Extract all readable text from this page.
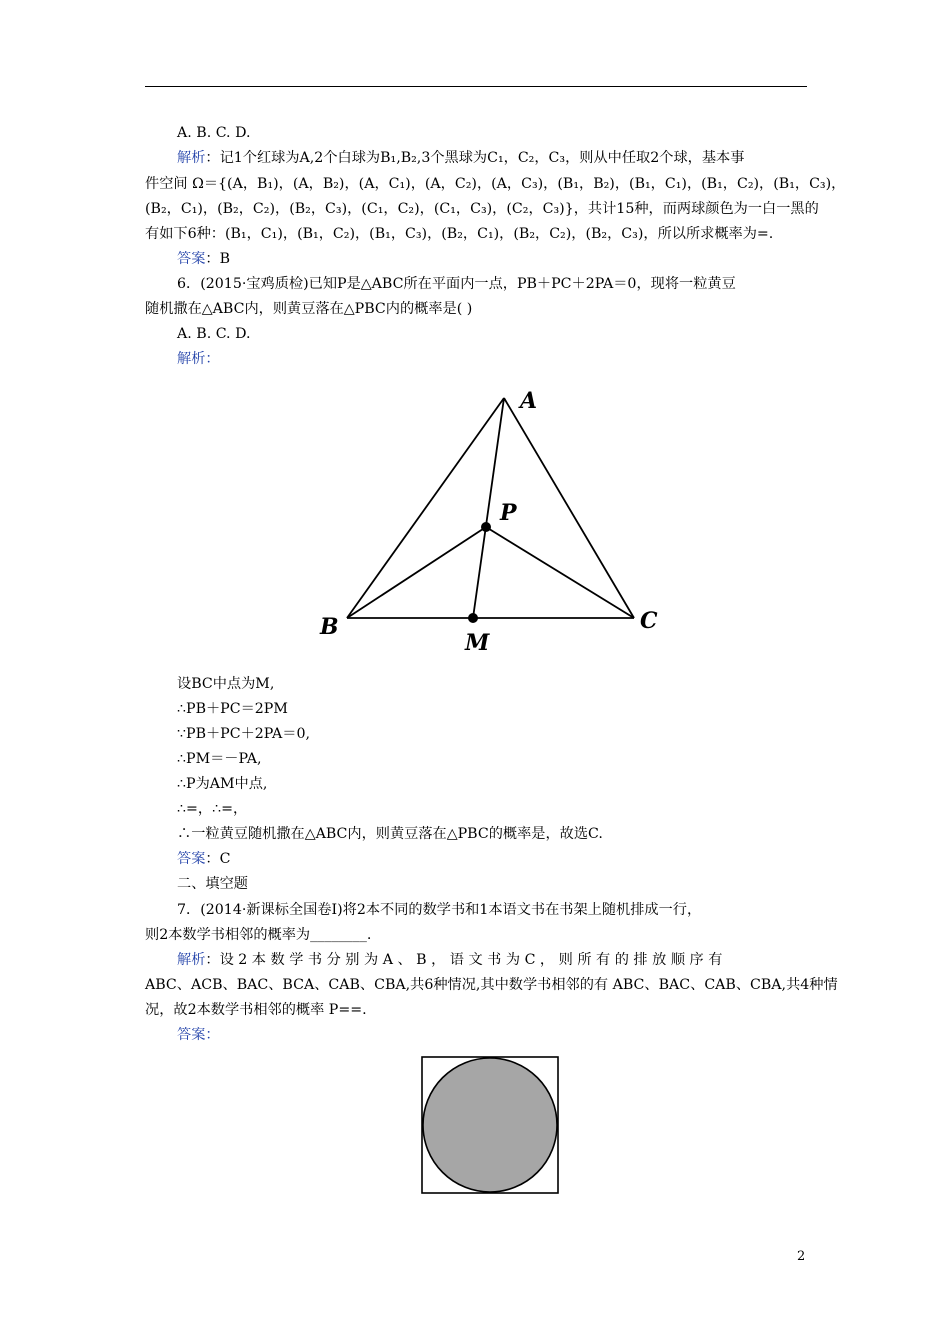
A. B. C. D.
解析：记1个红球为A,2个白球为B₁,B₂,3个黑球为C₁，C₂，C₃，则从中任取2个球，基本事
件空间 Ω＝{(A，B₁)，(A，B₂)，(A，C₁)，(A，C₂)，(A，C₃)，(B₁，B₂)，(B₁，C₁)，(B₁，C₂)，(B₁，C₃)，
(B₂，C₁)，(B₂，C₂)，(B₂，C₃)，(C₁，C₂)，(C₁，C₃)，(C₂，C₃)}，共计15种，而两球颜色为一白一黑的
有如下6种：(B₁，C₁)，(B₁，C₂)，(B₁，C₃)，(B₂，C₁)，(B₂，C₂)，(B₂，C₃)，所以所求概率为=.
答案：B
6．(2015·宝鸡质检)已知P是△ABC所在平面内一点，PB＋PC＋2PA＝0，现将一粒黄豆
随机撒在△ABC内，则黄豆落在△PBC内的概率是( )
A. B. C. D.
解析：
A
P
B	C
M
设BC中点为M,
∴PB＋PC＝2PM
∵PB＋PC＋2PA＝0,
∴PM＝－PA,
∴P为AM中点,
∴=，∴=，
∴一粒黄豆随机撒在△ABC内，则黄豆落在△PBC的概率是，故选C.
答案：C
二、填空题
7．(2014·新课标全国卷Ⅰ)将2本不同的数学书和1本语文书在书架上随机排成一行，
则2本数学书相邻的概率为________.
解析：设 2 本 数 学 书 分 别 为 A 、 B ， 语 文 书 为 C ， 则 所 有 的 排 放 顺 序 有
ABC、ACB、BAC、BCA、CAB、CBA,共6种情况,其中数学书相邻的有 ABC、BAC、CAB、CBA,共4种情
况，故2本数学书相邻的概率 P==.
答案：
2
